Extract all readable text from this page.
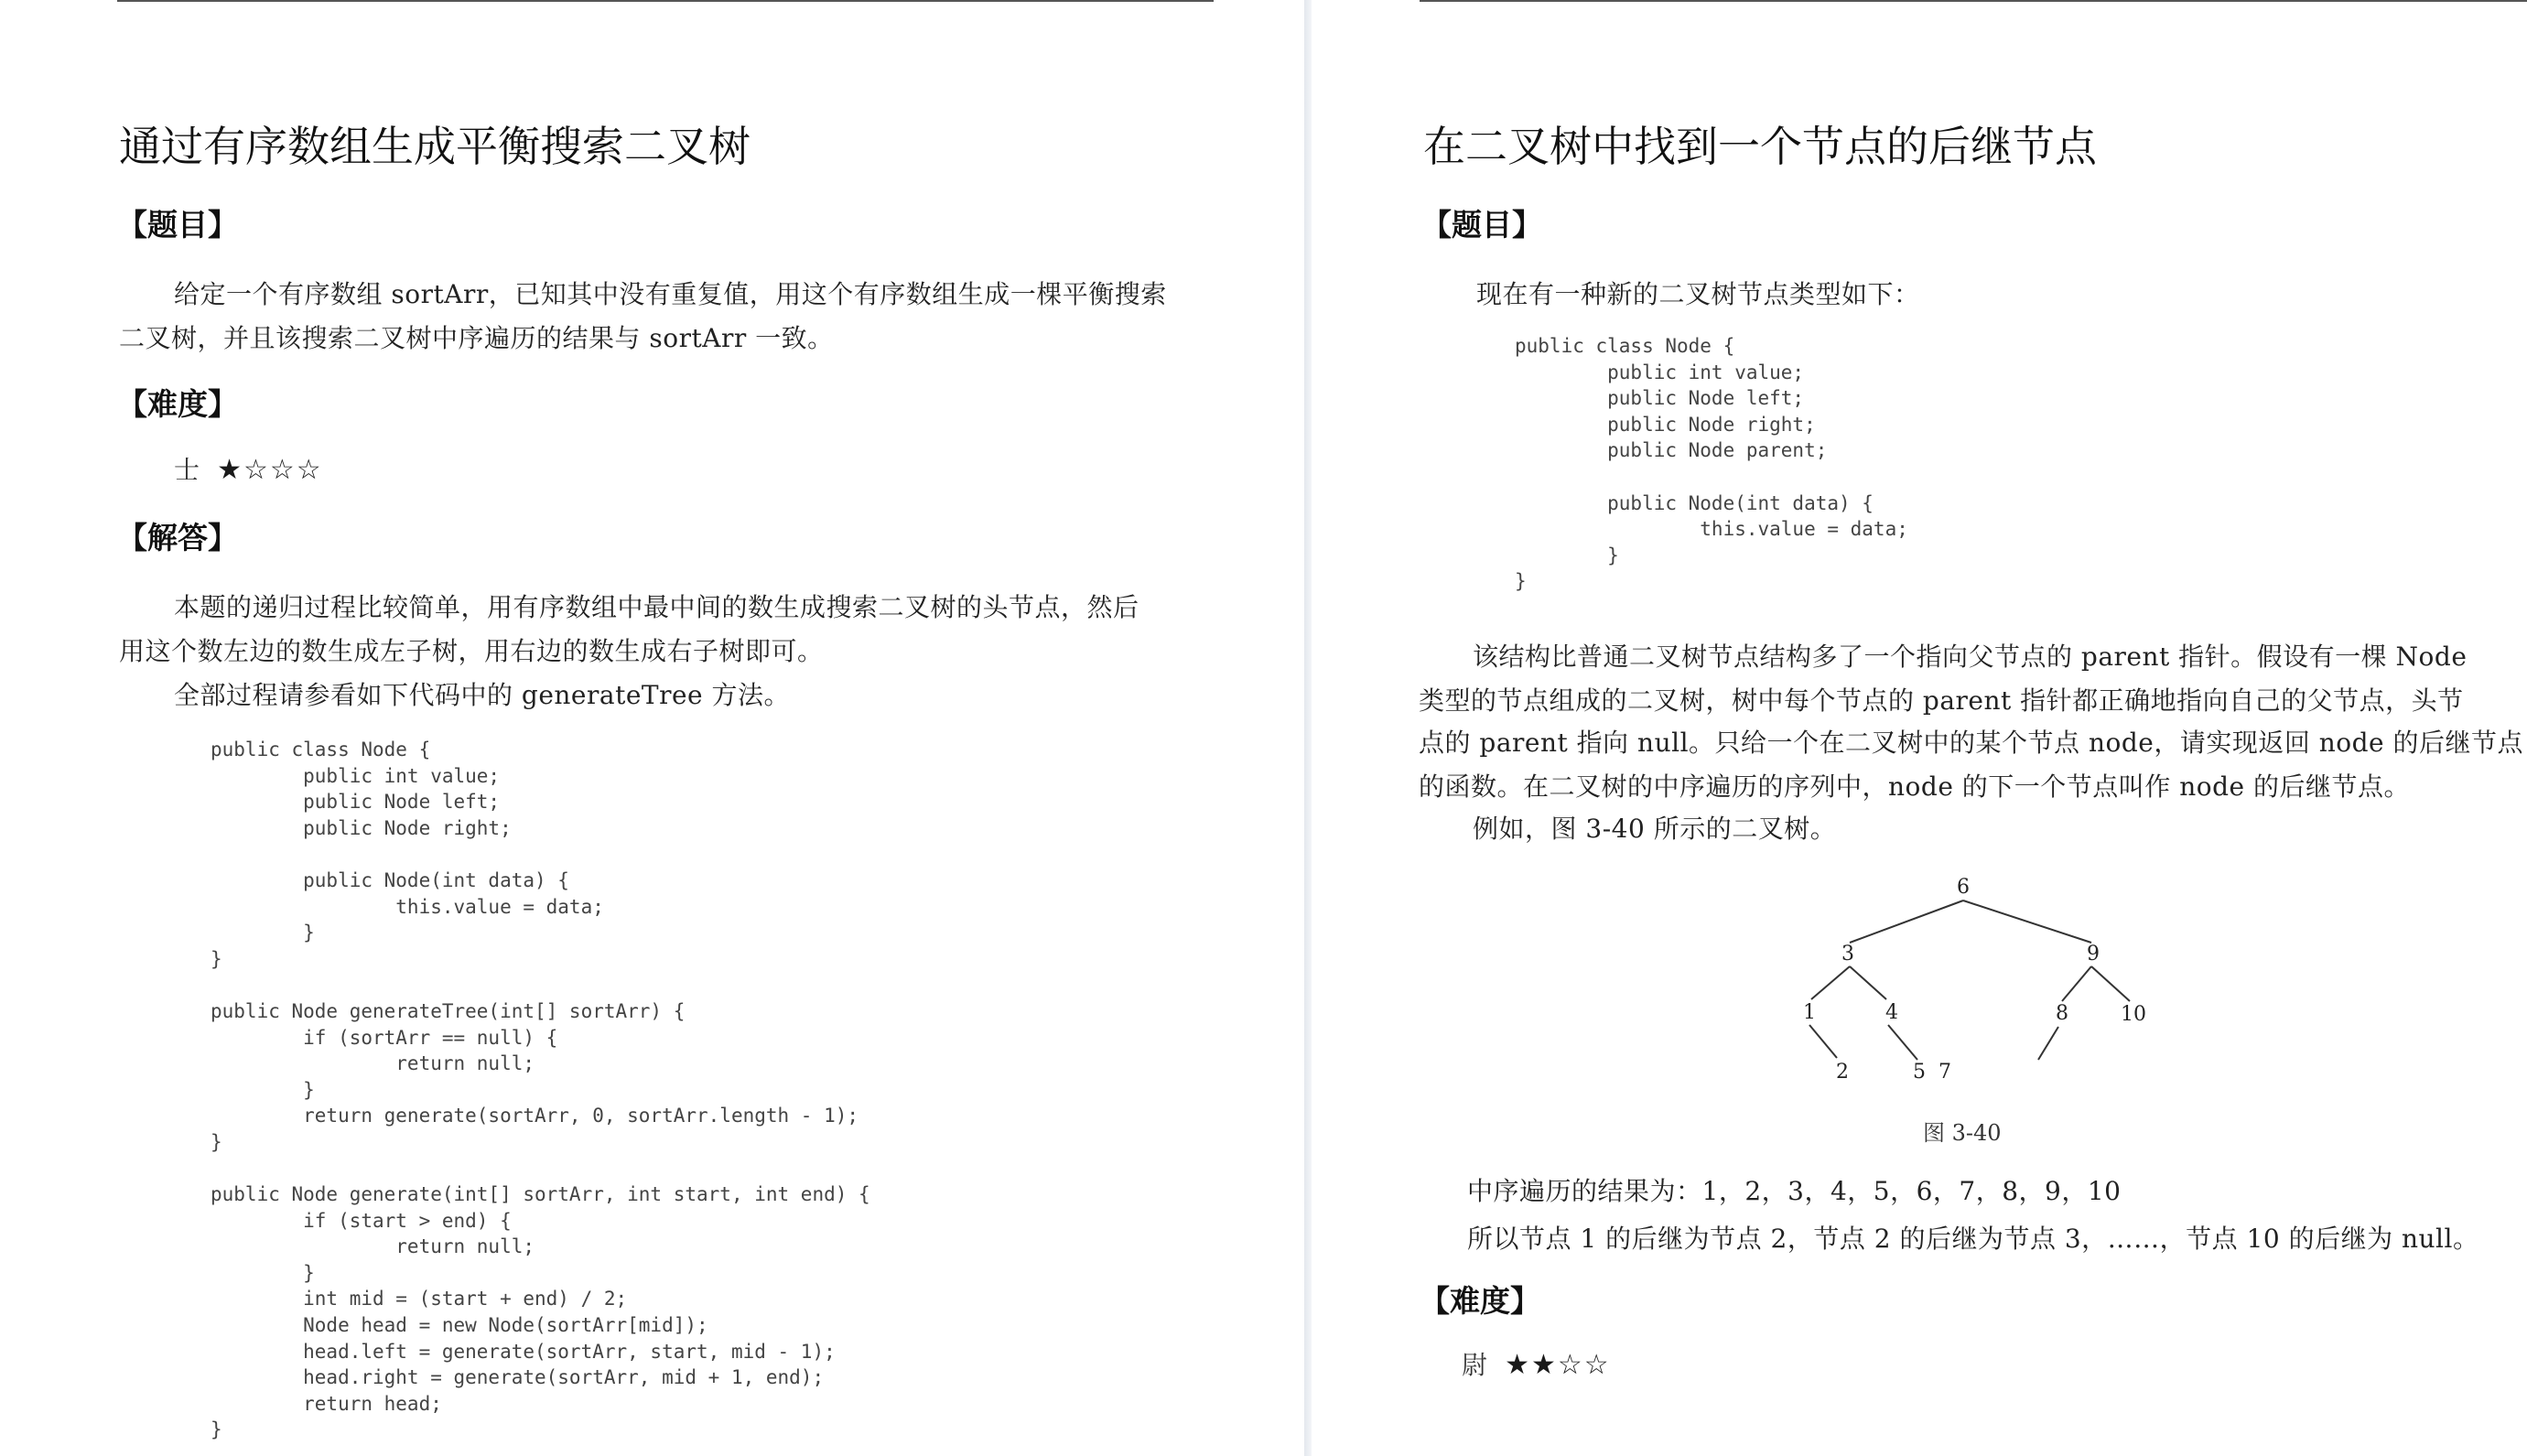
通过有序数组生成平衡搜索二叉树
【题目】
给定一个有序数组 sortArr，已知其中没有重复值，用这个有序数组生成一棵平衡搜索
二叉树，并且该搜索二叉树中序遍历的结果与 sortArr 一致。
【难度】
士 ★☆☆☆
【解答】
本题的递归过程比较简单，用有序数组中最中间的数生成搜索二叉树的头节点，然后
用这个数左边的数生成左子树，用右边的数生成右子树即可。
全部过程请参看如下代码中的 generateTree 方法。
public class Node {
public int value;
public Node left;
public Node right;

public Node(int data) {
this.value = data;
}
}

public Node generateTree(int[] sortArr) {
if (sortArr == null) {
return null;
}
return generate(sortArr, 0, sortArr.length - 1);
}

public Node generate(int[] sortArr, int start, int end) {
if (start > end) {
return null;
}
int mid = (start + end) / 2;
Node head = new Node(sortArr[mid]);
head.left = generate(sortArr, start, mid - 1);
head.right = generate(sortArr, mid + 1, end);
return head;
}
在二叉树中找到一个节点的后继节点
【题目】
现在有一种新的二叉树节点类型如下：
public class Node {
public int value;
public Node left;
public Node right;
public Node parent;

public Node(int data) {
this.value = data;
}
}
该结构比普通二叉树节点结构多了一个指向父节点的 parent 指针。假设有一棵 Node
类型的节点组成的二叉树，树中每个节点的 parent 指针都正确地指向自己的父节点，头节
点的 parent 指向 null。只给一个在二叉树中的某个节点 node，请实现返回 node 的后继节点
的函数。在二叉树的中序遍历的序列中，node 的下一个节点叫作 node 的后继节点。
例如，图 3-40 所示的二叉树。
6
3	9
1	4	8	10
2	5 7
图 3-40
中序遍历的结果为：1，2，3，4，5，6，7，8，9，10
所以节点 1 的后继为节点 2，节点 2 的后继为节点 3，……，节点 10 的后继为 null。
【难度】
尉 ★★☆☆
